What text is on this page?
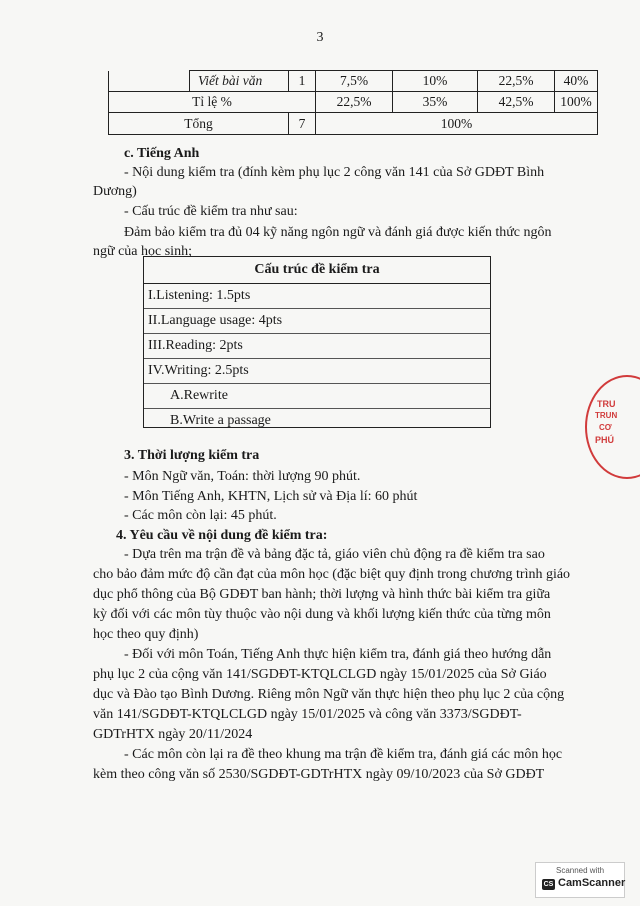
3
	Viết bài văn	1	7,5%	10%	22,5%	40%
Tỉ lệ %			22,5%	35%	42,5%	100%
Tổng		7	100%			
c. Tiếng Anh
- Nội dung kiểm tra (đính kèm phụ lục 2 công văn 141 của Sở GDĐT Bình
Dương)
- Cấu trúc đề kiểm tra như sau:
Đảm bảo kiểm tra đủ 04 kỹ năng ngôn ngữ và đánh giá được kiến thức ngôn
ngữ của học sinh;
Cấu trúc đề kiểm tra
I.Listening: 1.5pts
II.Language usage: 4pts
III.Reading: 2pts
IV.Writing: 2.5pts
A.Rewrite
B.Write a passage
3. Thời lượng kiểm tra
- Môn Ngữ văn, Toán: thời lượng 90 phút.
- Môn Tiếng Anh, KHTN, Lịch sử và Địa lí: 60 phút
- Các môn còn lại: 45 phút.
4. Yêu cầu về nội dung đề kiểm tra:
- Dựa trên ma trận đề và bảng đặc tả, giáo viên chủ động ra đề kiểm tra sao
cho bảo đảm mức độ cần đạt của môn học (đặc biệt quy định trong chương trình giáo
dục phổ thông của Bộ GDĐT ban hành; thời lượng và hình thức bài kiểm tra giữa
kỳ đối với các môn tùy thuộc vào nội dung và khối lượng kiến thức của từng môn
học theo quy định)
- Đối với môn Toán, Tiếng Anh thực hiện kiểm tra, đánh giá theo hướng dẫn
phụ lục 2 của cộng văn 141/SGDĐT-KTQLCLGD ngày 15/01/2025 của Sở Giáo
dục và Đào tạo Bình Dương. Riêng môn Ngữ văn thực hiện theo phụ lục 2 của cộng
văn 141/SGDĐT-KTQLCLGD ngày 15/01/2025 và công văn 3373/SGDĐT-
GDTrHTX ngày 20/11/2024
- Các môn còn lại ra đề theo khung ma trận đề kiểm tra, đánh giá các môn học
kèm theo công văn số 2530/SGDĐT-GDTrHTX ngày 09/10/2023 của Sở GDĐT
TRU
TRUN
CƠ
PHÚ
Scanned with
CS CamScanner
